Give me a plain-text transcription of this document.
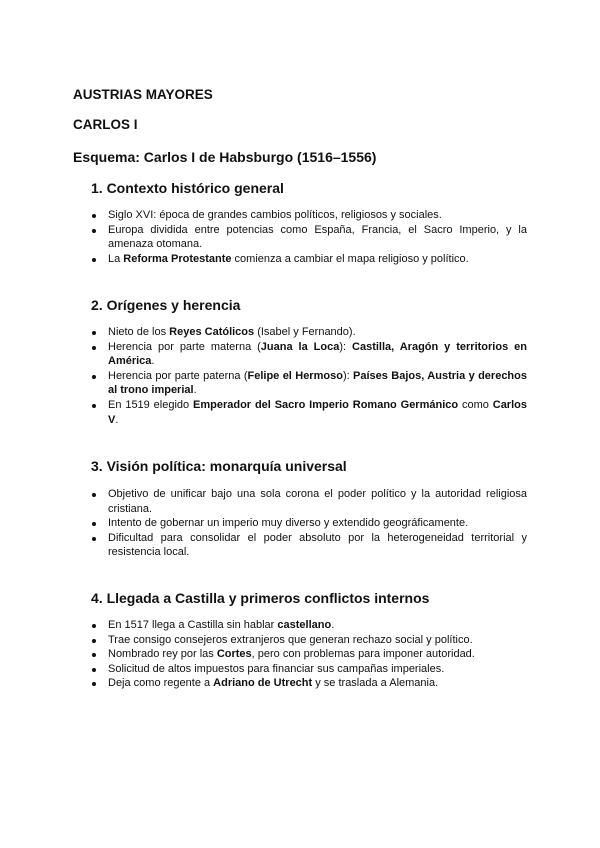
AUSTRIAS MAYORES
CARLOS I
Esquema: Carlos I de Habsburgo (1516–1556)
1. Contexto histórico general
Siglo XVI: época de grandes cambios políticos, religiosos y sociales.
Europa dividida entre potencias como España, Francia, el Sacro Imperio, y la amenaza otomana.
La Reforma Protestante comienza a cambiar el mapa religioso y político.
2. Orígenes y herencia
Nieto de los Reyes Católicos (Isabel y Fernando).
Herencia por parte materna (Juana la Loca): Castilla, Aragón y territorios en América.
Herencia por parte paterna (Felipe el Hermoso): Países Bajos, Austria y derechos al trono imperial.
En 1519 elegido Emperador del Sacro Imperio Romano Germánico como Carlos V.
3. Visión política: monarquía universal
Objetivo de unificar bajo una sola corona el poder político y la autoridad religiosa cristiana.
Intento de gobernar un imperio muy diverso y extendido geográficamente.
Dificultad para consolidar el poder absoluto por la heterogeneidad territorial y resistencia local.
4. Llegada a Castilla y primeros conflictos internos
En 1517 llega a Castilla sin hablar castellano.
Trae consigo consejeros extranjeros que generan rechazo social y político.
Nombrado rey por las Cortes, pero con problemas para imponer autoridad.
Solicitud de altos impuestos para financiar sus campañas imperiales.
Deja como regente a Adriano de Utrecht y se traslada a Alemania.
